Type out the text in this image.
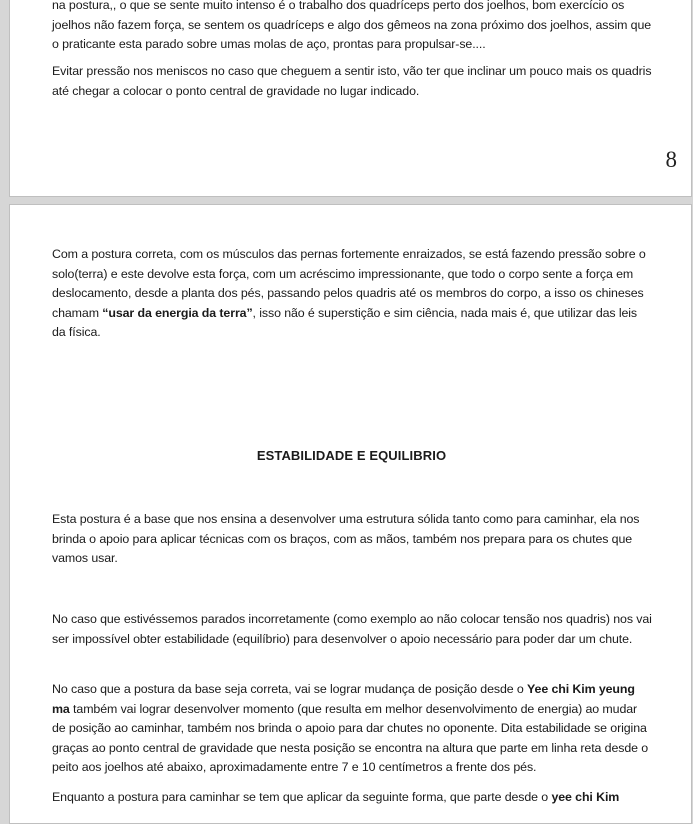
na postura,, o que se sente muito intenso é o trabalho dos quadríceps perto dos joelhos, bom exercício os joelhos não fazem força, se sentem os quadríceps e algo dos gêmeos na zona próximo dos joelhos, assim que o praticante esta parado sobre umas molas de aço, prontas para propulsar-se....

Evitar pressão nos meniscos no caso que cheguem a sentir isto, vão ter que inclinar um pouco mais os quadris até chegar a colocar o ponto central de gravidade no lugar indicado.

8

Com a postura correta, com os músculos das pernas fortemente enraizados, se está fazendo pressão sobre o solo(terra) e este devolve esta força, com um acréscimo impressionante, que todo o corpo sente a força em deslocamento, desde a planta dos pés, passando pelos quadris até os membros do corpo, a isso os chineses chamam “usar da energia da terra”, isso não é superstição e sim ciência, nada mais é, que utilizar das leis da física.

ESTABILIDADE E EQUILIBRIO

Esta postura é a base que nos ensina a desenvolver uma estrutura sólida tanto como para caminhar, ela nos brinda o apoio para aplicar técnicas com os braços, com as mãos, também nos prepara para os chutes que vamos usar.

No caso que estivéssemos parados incorretamente (como exemplo ao não colocar tensão nos quadris) nos vai ser impossível obter estabilidade (equilíbrio) para desenvolver o apoio necessário para poder dar um chute.

No caso que a postura da base seja correta, vai se lograr mudança de posição desde o Yee chi Kim yeung ma também vai lograr desenvolver momento (que resulta em melhor desenvolvimento de energia) ao mudar de posição ao caminhar, também nos brinda o apoio para dar chutes no oponente. Dita estabilidade se origina graças ao ponto central de gravidade que nesta posição se encontra na altura que parte em linha reta desde o peito aos joelhos até abaixo, aproximadamente entre 7 e 10 centímetros a frente dos pés.

Enquanto a postura para caminhar se tem que aplicar da seguinte forma, que parte desde o yee chi Kim
